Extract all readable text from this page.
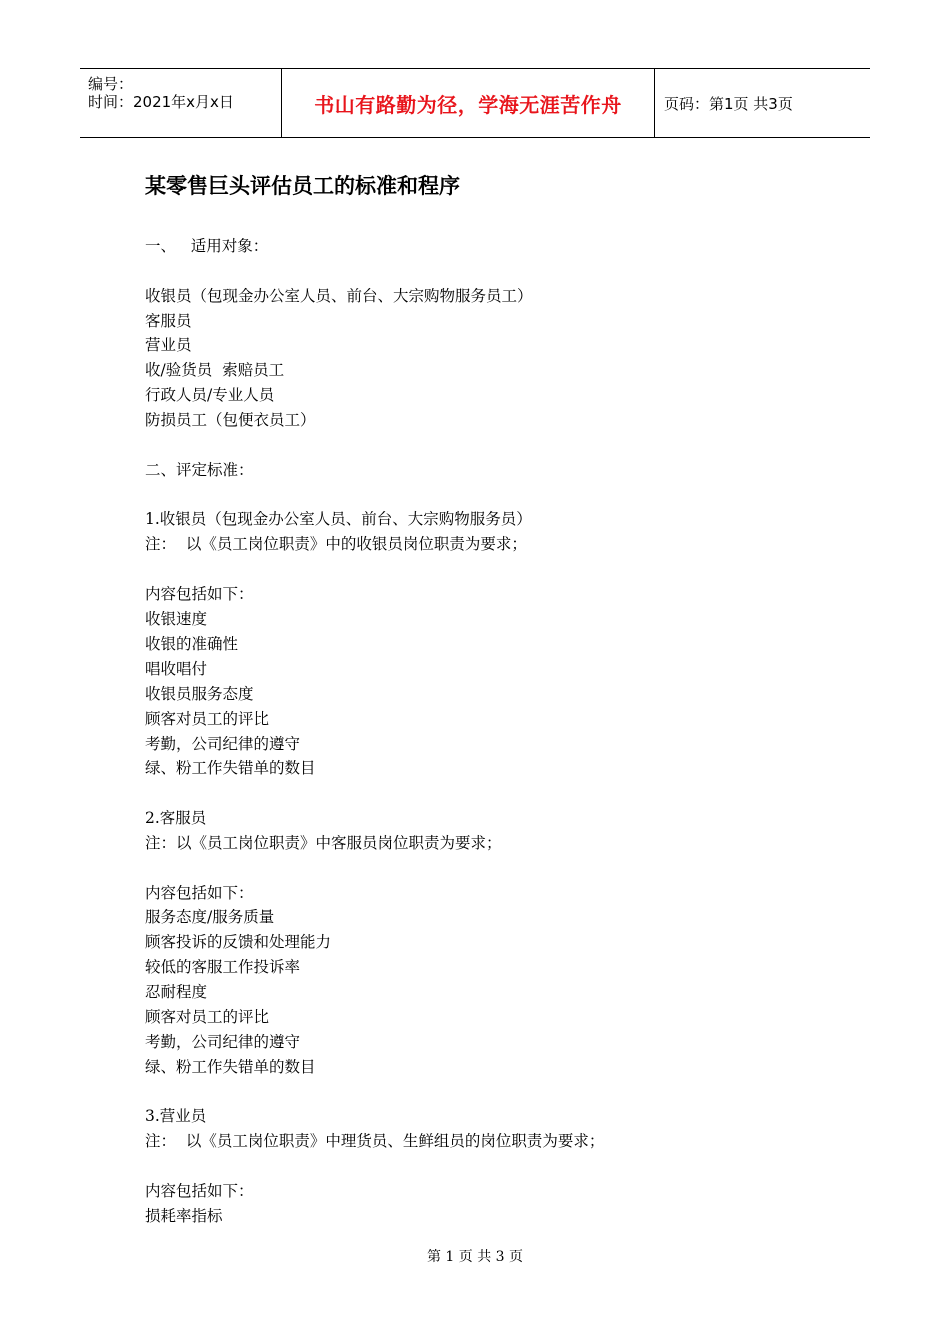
编号：
时间：2021年x月x日	书山有路勤为径，学海无涯苦作舟	页码：第1页 共3页
某零售巨头评估员工的标准和程序
一、   适用对象：
收银员（包现金办公室人员、前台、大宗购物服务员工）
客服员
营业员
收/验货员  索赔员工
行政人员/专业人员
防损员工（包便衣员工）
二、评定标准：
1.收银员（包现金办公室人员、前台、大宗购物服务员）
注：  以《员工岗位职责》中的收银员岗位职责为要求；
内容包括如下：
收银速度
收银的准确性
唱收唱付
收银员服务态度
顾客对员工的评比
考勤，公司纪律的遵守
绿、粉工作失错单的数目
2.客服员
注：以《员工岗位职责》中客服员岗位职责为要求；
内容包括如下：
服务态度/服务质量
顾客投诉的反馈和处理能力
较低的客服工作投诉率
忍耐程度
顾客对员工的评比
考勤，公司纪律的遵守
绿、粉工作失错单的数目
3.营业员
注：  以《员工岗位职责》中理货员、生鲜组员的岗位职责为要求；
内容包括如下：
损耗率指标
第 1 页 共 3 页
